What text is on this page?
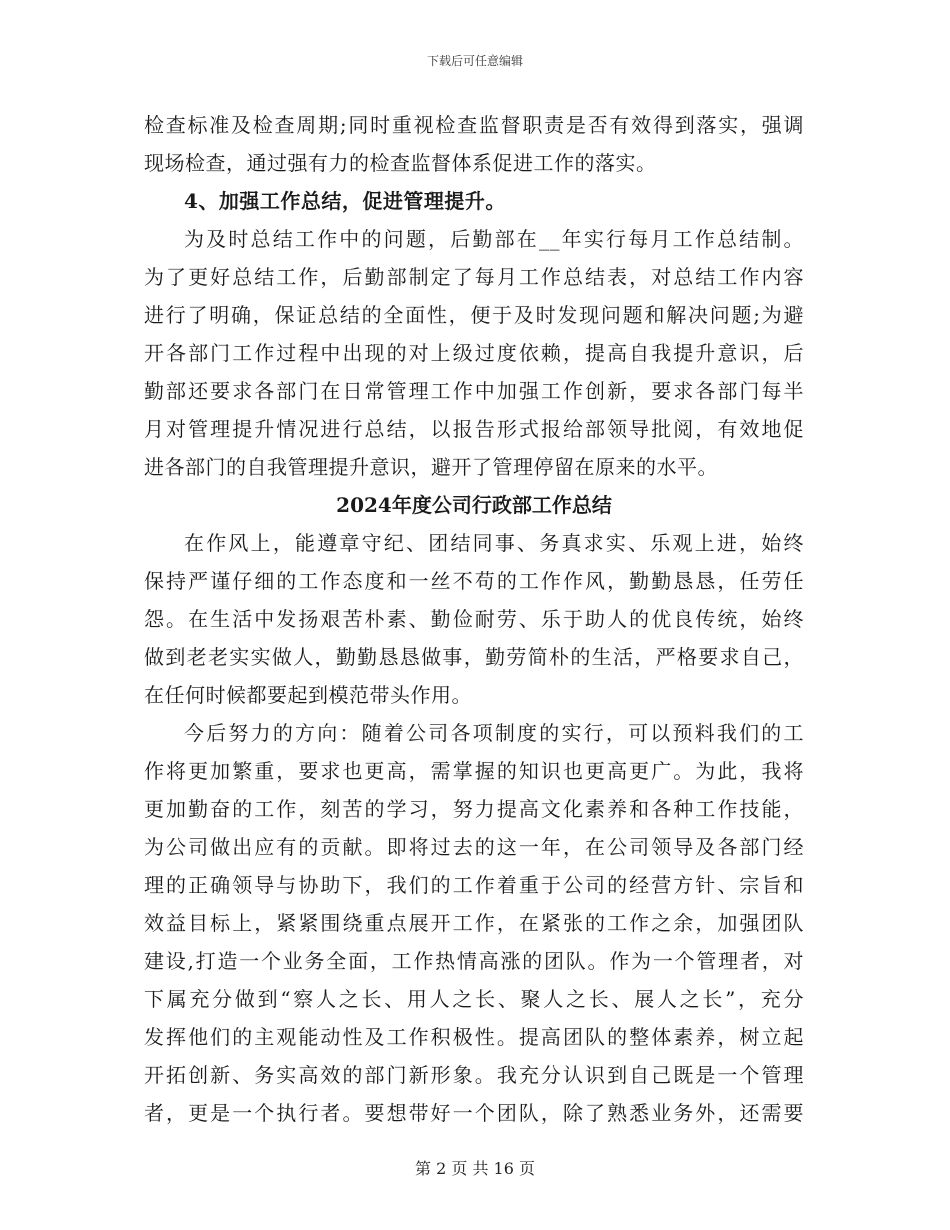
下载后可任意编辑
检查标准及检查周期;同时重视检查监督职责是否有效得到落实，强调
现场检查，通过强有力的检查监督体系促进工作的落实。
4、加强工作总结，促进管理提升。
为及时总结工作中的问题，后勤部在__年实行每月工作总结制。
为了更好总结工作，后勤部制定了每月工作总结表，对总结工作内容
进行了明确，保证总结的全面性，便于及时发现问题和解决问题;为避
开各部门工作过程中出现的对上级过度依赖，提高自我提升意识，后
勤部还要求各部门在日常管理工作中加强工作创新，要求各部门每半
月对管理提升情况进行总结，以报告形式报给部领导批阅，有效地促
进各部门的自我管理提升意识，避开了管理停留在原来的水平。
2024年度公司行政部工作总结
在作风上，能遵章守纪、团结同事、务真求实、乐观上进，始终
保持严谨仔细的工作态度和一丝不苟的工作作风，勤勤恳恳，任劳任
怨。在生活中发扬艰苦朴素、勤俭耐劳、乐于助人的优良传统，始终
做到老老实实做人，勤勤恳恳做事，勤劳简朴的生活，严格要求自己，
在任何时候都要起到模范带头作用。
今后努力的方向：随着公司各项制度的实行，可以预料我们的工
作将更加繁重，要求也更高，需掌握的知识也更高更广。为此，我将
更加勤奋的工作，刻苦的学习，努力提高文化素养和各种工作技能，
为公司做出应有的贡献。即将过去的这一年，在公司领导及各部门经
理的正确领导与协助下，我们的工作着重于公司的经营方针、宗旨和
效益目标上，紧紧围绕重点展开工作，在紧张的工作之余，加强团队
建设,打造一个业务全面，工作热情高涨的团队。作为一个管理者，对
下属充分做到“察人之长、用人之长、聚人之长、展人之长”，充分
发挥他们的主观能动性及工作积极性。提高团队的整体素养，树立起
开拓创新、务实高效的部门新形象。我充分认识到自己既是一个管理
者，更是一个执行者。要想带好一个团队，除了熟悉业务外，还需要
第 2 页 共 16 页
